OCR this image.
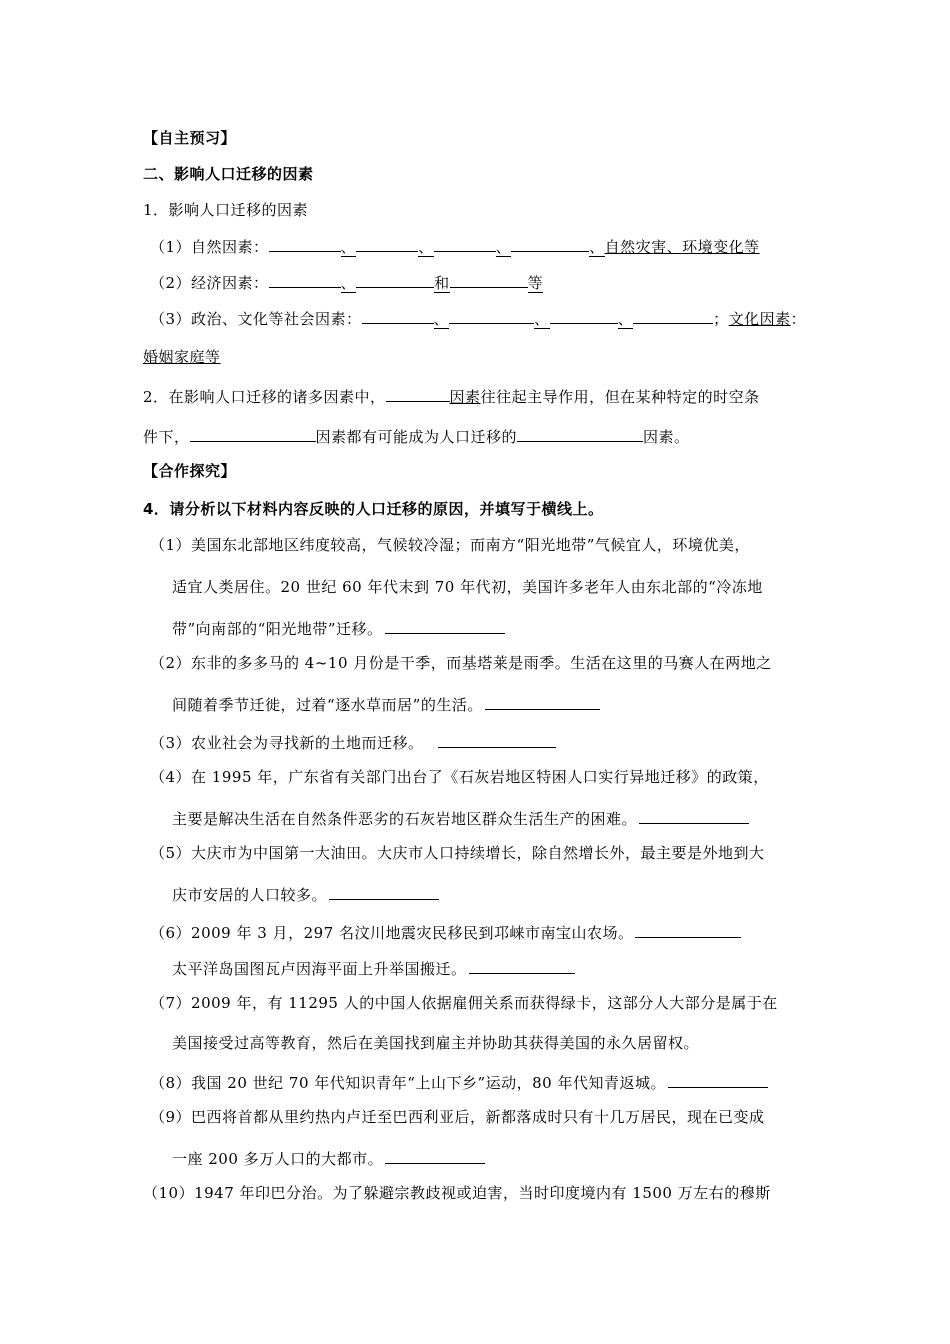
【自主预习】
二、影响人口迁移的因素
1．影响人口迁移的因素
（1）自然因素：	、	、	、	、自然灾害、环境变化等
（2）经济因素：	、	和	等
（3）政治、文化等社会因素：	、	、	、	；文化因素：
婚姻家庭等
2．在影响人口迁移的诸多因素中，	因素往往起主导作用，但在某种特定的时空条
件下，	因素都有可能成为人口迁移的	因素。
【合作探究】
4．请分析以下材料内容反映的人口迁移的原因，并填写于横线上。
（1）美国东北部地区纬度较高，气候较冷湿；而南方“阳光地带”气候宜人，环境优美，
适宜人类居住。20 世纪 60 年代末到 70 年代初，美国许多老年人由东北部的“冷冻地
带”向南部的“阳光地带”迁移。
（2）东非的多多马的 4~10 月份是干季，而基塔莱是雨季。生活在这里的马赛人在两地之
间随着季节迁徙，过着“逐水草而居”的生活。
（3）农业社会为寻找新的土地而迁移。
（4）在 1995 年，广东省有关部门出台了《石灰岩地区特困人口实行异地迁移》的政策，
主要是解决生活在自然条件恶劣的石灰岩地区群众生活生产的困难。
（5）大庆市为中国第一大油田。大庆市人口持续增长，除自然增长外，最主要是外地到大
庆市安居的人口较多。
（6）2009 年 3 月，297 名汶川地震灾民移民到邛崃市南宝山农场。
太平洋岛国图瓦卢因海平面上升举国搬迁。
（7）2009 年，有 11295 人的中国人依据雇佣关系而获得绿卡，这部分人大部分是属于在
美国接受过高等教育，然后在美国找到雇主并协助其获得美国的永久居留权。
（8）我国 20 世纪 70 年代知识青年“上山下乡”运动，80 年代知青返城。
（9）巴西将首都从里约热内卢迁至巴西利亚后，新都落成时只有十几万居民，现在已变成
一座 200 多万人口的大都市。
（10）1947 年印巴分治。为了躲避宗教歧视或迫害，当时印度境内有 1500 万左右的穆斯
